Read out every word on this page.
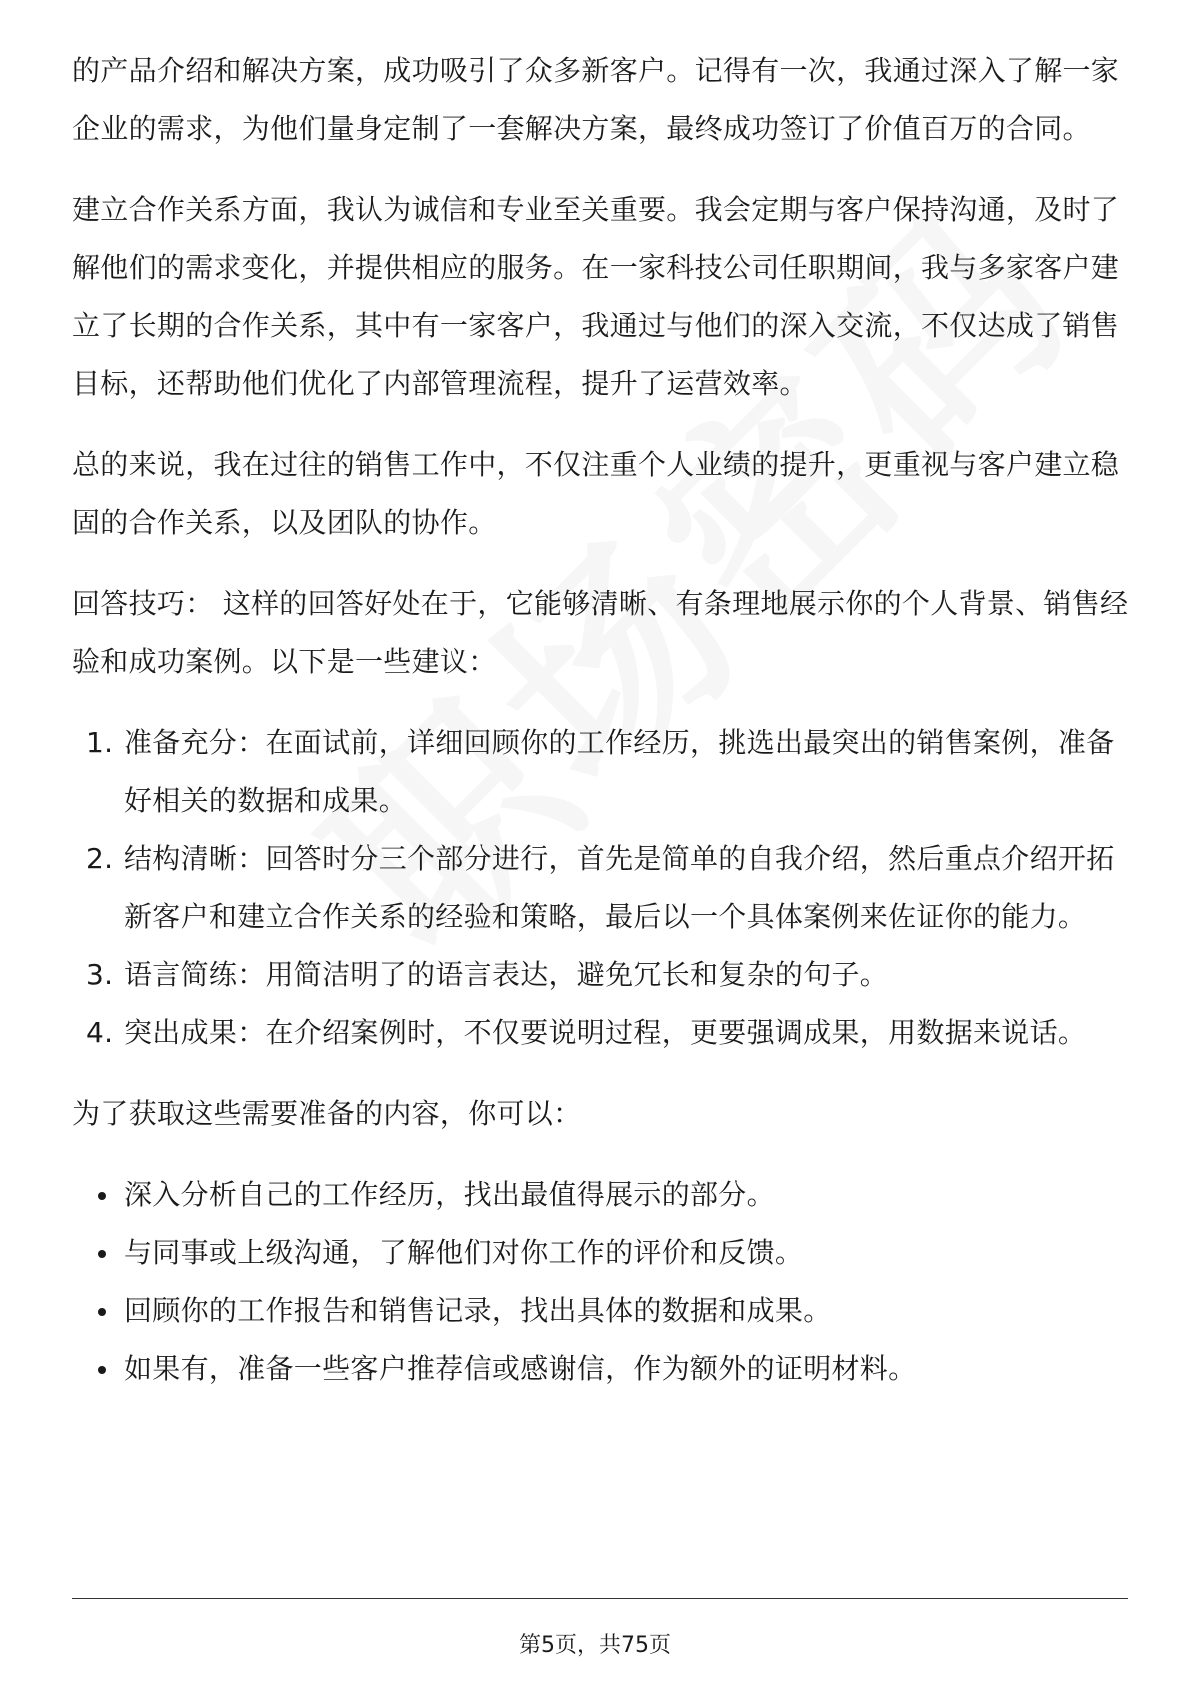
的产品介绍和解决方案，成功吸引了众多新客户。记得有一次，我通过深入了解一家企业的需求，为他们量身定制了一套解决方案，最终成功签订了价值百万的合同。

建立合作关系方面，我认为诚信和专业至关重要。我会定期与客户保持沟通，及时了解他们的需求变化，并提供相应的服务。在一家科技公司任职期间，我与多家客户建立了长期的合作关系，其中有一家客户，我通过与他们的深入交流，不仅达成了销售目标，还帮助他们优化了内部管理流程，提升了运营效率。

总的来说，我在过往的销售工作中，不仅注重个人业绩的提升，更重视与客户建立稳固的合作关系，以及团队的协作。

回答技巧： 这样的回答好处在于，它能够清晰、有条理地展示你的个人背景、销售经验和成功案例。以下是一些建议：

1. 准备充分：在面试前，详细回顾你的工作经历，挑选出最突出的销售案例，准备好相关的数据和成果。
2. 结构清晰：回答时分三个部分进行，首先是简单的自我介绍，然后重点介绍开拓新客户和建立合作关系的经验和策略，最后以一个具体案例来佐证你的能力。
3. 语言简练：用简洁明了的语言表达，避免冗长和复杂的句子。
4. 突出成果：在介绍案例时，不仅要说明过程，更要强调成果，用数据来说话。

为了获取这些需要准备的内容，你可以：

深入分析自己的工作经历，找出最值得展示的部分。
与同事或上级沟通，了解他们对你工作的评价和反馈。
回顾你的工作报告和销售记录，找出具体的数据和成果。
如果有，准备一些客户推荐信或感谢信，作为额外的证明材料。
第5页，共75页
